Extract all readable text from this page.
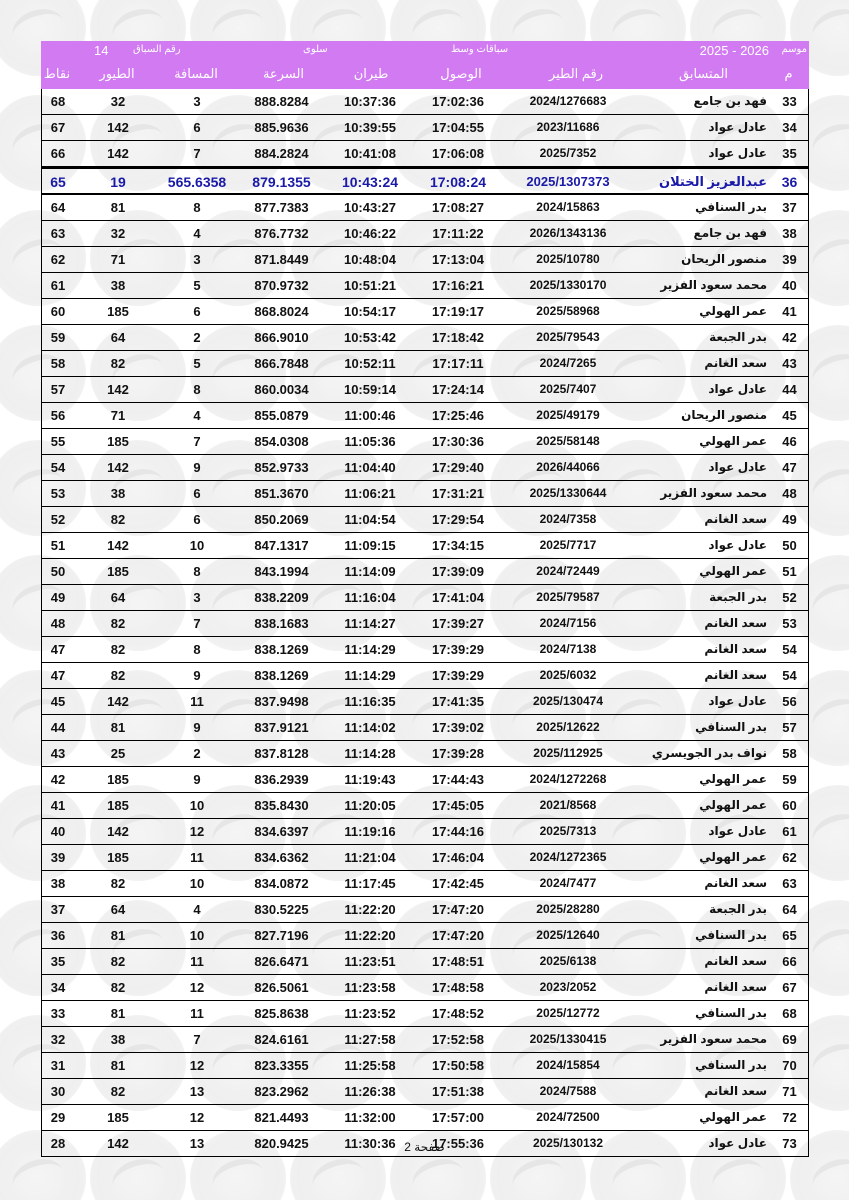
موسم
2025 - 2026
سباقات وسط
سلوى
رقم السباق
14
م
المتسابق
رقم الطير
الوصول
طيران
السرعة
المسافة
الطيور
نقاط
33
فهد بن جامع
2024/1276683
17:02:36
10:37:36
888.8284
3
32
68
34
عادل عواد
2023/11686
17:04:55
10:39:55
885.9636
6
142
67
35
عادل عواد
2025/7352
17:06:08
10:41:08
884.2824
7
142
66
36
عبدالعزيز الختلان
2025/1307373
17:08:24
10:43:24
879.1355
565.6358
19
65
37
بدر السنافي
2024/15863
17:08:27
10:43:27
877.7383
8
81
64
38
فهد بن جامع
2026/1343136
17:11:22
10:46:22
876.7732
4
32
63
39
منصور الريحان
2025/10780
17:13:04
10:48:04
871.8449
3
71
62
40
محمد سعود الفزير
2025/1330170
17:16:21
10:51:21
870.9732
5
38
61
41
عمر الهولي
2025/58968
17:19:17
10:54:17
868.8024
6
185
60
42
بدر الجبعة
2025/79543
17:18:42
10:53:42
866.9010
2
64
59
43
سعد الغانم
2024/7265
17:17:11
10:52:11
866.7848
5
82
58
44
عادل عواد
2025/7407
17:24:14
10:59:14
860.0034
8
142
57
45
منصور الريحان
2025/49179
17:25:46
11:00:46
855.0879
4
71
56
46
عمر الهولي
2025/58148
17:30:36
11:05:36
854.0308
7
185
55
47
عادل عواد
2026/44066
17:29:40
11:04:40
852.9733
9
142
54
48
محمد سعود الفزير
2025/1330644
17:31:21
11:06:21
851.3670
6
38
53
49
سعد الغانم
2024/7358
17:29:54
11:04:54
850.2069
6
82
52
50
عادل عواد
2025/7717
17:34:15
11:09:15
847.1317
10
142
51
51
عمر الهولي
2024/72449
17:39:09
11:14:09
843.1994
8
185
50
52
بدر الجبعة
2025/79587
17:41:04
11:16:04
838.2209
3
64
49
53
سعد الغانم
2024/7156
17:39:27
11:14:27
838.1683
7
82
48
54
سعد الغانم
2024/7138
17:39:29
11:14:29
838.1269
8
82
47
54
سعد الغانم
2025/6032
17:39:29
11:14:29
838.1269
9
82
47
56
عادل عواد
2025/130474
17:41:35
11:16:35
837.9498
11
142
45
57
بدر السنافي
2025/12622
17:39:02
11:14:02
837.9121
9
81
44
58
نواف بدر الجويسري
2025/112925
17:39:28
11:14:28
837.8128
2
25
43
59
عمر الهولي
2024/1272268
17:44:43
11:19:43
836.2939
9
185
42
60
عمر الهولي
2021/8568
17:45:05
11:20:05
835.8430
10
185
41
61
عادل عواد
2025/7313
17:44:16
11:19:16
834.6397
12
142
40
62
عمر الهولي
2024/1272365
17:46:04
11:21:04
834.6362
11
185
39
63
سعد الغانم
2024/7477
17:42:45
11:17:45
834.0872
10
82
38
64
بدر الجبعة
2025/28280
17:47:20
11:22:20
830.5225
4
64
37
65
بدر السنافي
2025/12640
17:47:20
11:22:20
827.7196
10
81
36
66
سعد الغانم
2025/6138
17:48:51
11:23:51
826.6471
11
82
35
67
سعد الغانم
2023/2052
17:48:58
11:23:58
826.5061
12
82
34
68
بدر السنافي
2025/12772
17:48:52
11:23:52
825.8638
11
81
33
69
محمد سعود الفزير
2025/1330415
17:52:58
11:27:58
824.6161
7
38
32
70
بدر السنافي
2024/15854
17:50:58
11:25:58
823.3355
12
81
31
71
سعد الغانم
2024/7588
17:51:38
11:26:38
823.2962
13
82
30
72
عمر الهولي
2024/72500
17:57:00
11:32:00
821.4493
12
185
29
73
عادل عواد
2025/130132
17:55:36
11:30:36
820.9425
13
142
28	صفحة 2
